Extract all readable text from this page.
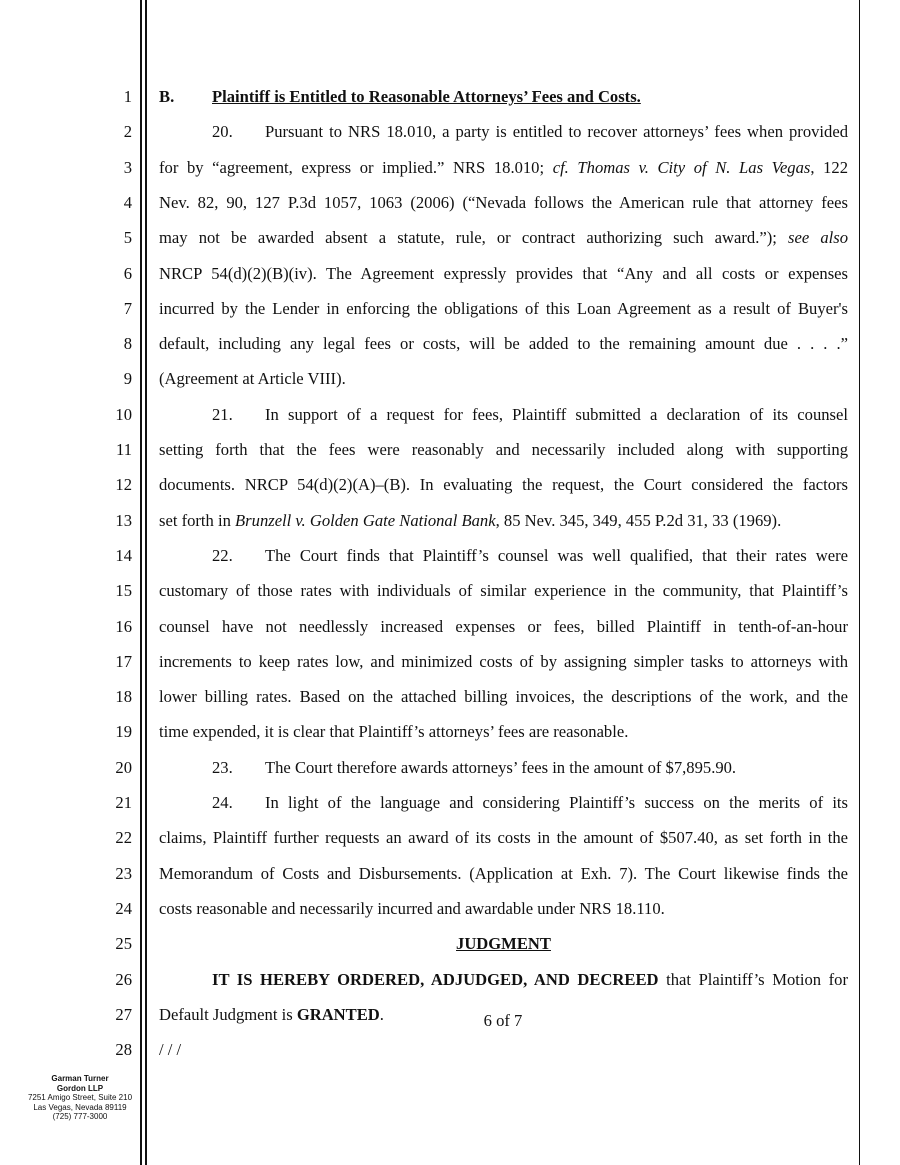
1 B. Plaintiff is Entitled to Reasonable Attorneys’ Fees and Costs.
2	20. Pursuant to NRS 18.010, a party is entitled to recover attorneys’ fees when provided
3 for by “agreement, express or implied.” NRS 18.010; cf. Thomas v. City of N. Las Vegas, 122
4 Nev. 82, 90, 127 P.3d 1057, 1063 (2006) (“Nevada follows the American rule that attorney fees
5 may not be awarded absent a statute, rule, or contract authorizing such award.”); see also
6 NRCP 54(d)(2)(B)(iv). The Agreement expressly provides that “Any and all costs or expenses
7 incurred by the Lender in enforcing the obligations of this Loan Agreement as a result of Buyer's
8 default, including any legal fees or costs, will be added to the remaining amount due . . . .”
9 (Agreement at Article VIII).
10	21. In support of a request for fees, Plaintiff submitted a declaration of its counsel
11 setting forth that the fees were reasonably and necessarily included along with supporting
12 documents. NRCP 54(d)(2)(A)–(B). In evaluating the request, the Court considered the factors
13 set forth in Brunzell v. Golden Gate National Bank, 85 Nev. 345, 349, 455 P.2d 31, 33 (1969).
14	22. The Court finds that Plaintiff’s counsel was well qualified, that their rates were
15 customary of those rates with individuals of similar experience in the community, that Plaintiff’s
16 counsel have not needlessly increased expenses or fees, billed Plaintiff in tenth-of-an-hour
17 increments to keep rates low, and minimized costs of by assigning simpler tasks to attorneys with
18 lower billing rates. Based on the attached billing invoices, the descriptions of the work, and the
19 time expended, it is clear that Plaintiff’s attorneys’ fees are reasonable.
20	23. The Court therefore awards attorneys’ fees in the amount of $7,895.90.
21	24. In light of the language and considering Plaintiff’s success on the merits of its
22 claims, Plaintiff further requests an award of its costs in the amount of $507.40, as set forth in the
23 Memorandum of Costs and Disbursements. (Application at Exh. 7). The Court likewise finds the
24 costs reasonable and necessarily incurred and awardable under NRS 18.110.
25	JUDGMENT
26	IT IS HEREBY ORDERED, ADJUDGED, AND DECREED that Plaintiff’s Motion for
27 Default Judgment is GRANTED.
28 / / /
Garman Turner
Gordon LLP
7251 Amigo Street, Suite 210
Las Vegas, Nevada 89119
(725) 777-3000
6 of 7
